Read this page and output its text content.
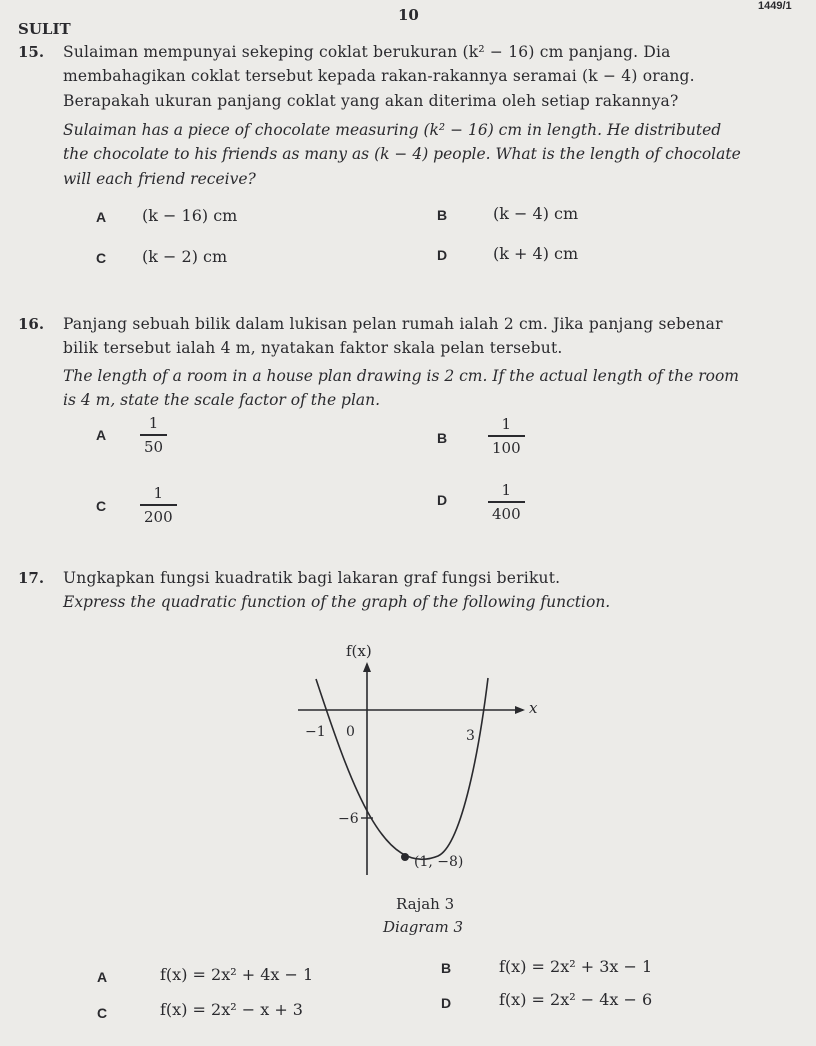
SULIT
10	1449/1
15. Sulaiman mempunyai sekeping coklat berukuran (k² − 16) cm panjang. Dia
membahagikan coklat tersebut kepada rakan-rakannya seramai (k − 4) orang.
Berapakah ukuran panjang coklat yang akan diterima oleh setiap rakannya?
Sulaiman has a piece of chocolate measuring (k² − 16) cm in length. He distributed
the chocolate to his friends as many as (k − 4) people. What is the length of chocolate
will each friend receive?
A (k − 16) cm	B	(k − 4) cm
C (k − 2) cm	D	(k + 4) cm
16. Panjang sebuah bilik dalam lukisan pelan rumah ialah 2 cm. Jika panjang sebenar
bilik tersebut ialah 4 m, nyatakan faktor skala pelan tersebut.
The length of a room in a house plan drawing is 2 cm. If the actual length of the room
is 4 m, state the scale factor of the plan.
A
1
50	B
1
100
C
1
200
D
1
400
17. Ungkapkan fungsi kuadratik bagi lakaran graf fungsi berikut.
Express the quadratic function of the graph of the following function.
f(x)
x
−1 0	3
−6
(1, −8)
Rajah 3
Diagram 3
A	f(x) = 2x² + 4x − 1	B	f(x) = 2x² + 3x − 1
C	f(x) = 2x² − x + 3	D	f(x) = 2x² − 4x − 6
